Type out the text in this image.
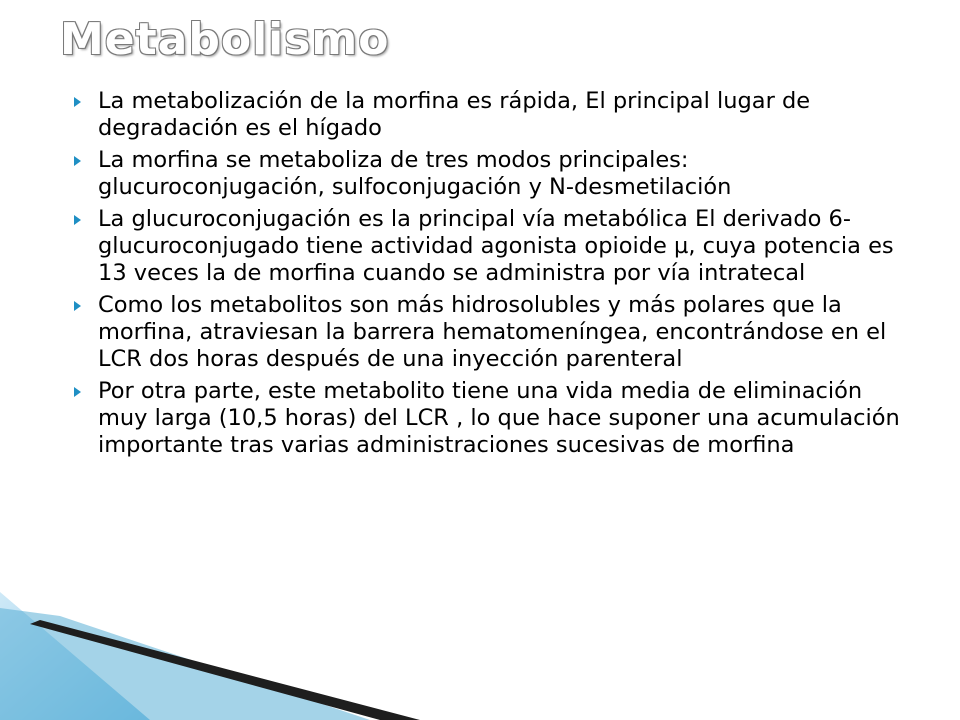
Metabolismo
La metabolización de la morfina es rápida, El principal lugar de degradación es el hígado
La morfina se metaboliza de tres modos principales: glucuroconjugación, sulfoconjugación y N-desmetilación
La glucuroconjugación es la principal vía metabólica El derivado 6-glucuroconjugado tiene actividad agonista opioide µ, cuya potencia es 13 veces la de morfina cuando se administra por vía intratecal
Como los metabolitos son más hidrosolubles y más polares que la morfina, atraviesan la barrera hematomeníngea, encontrándose en el LCR dos horas después de una inyección parenteral
Por otra parte, este metabolito tiene una vida media de eliminación muy larga (10,5 horas) del LCR , lo que hace suponer una acumulación importante tras varias administraciones sucesivas de morfina
